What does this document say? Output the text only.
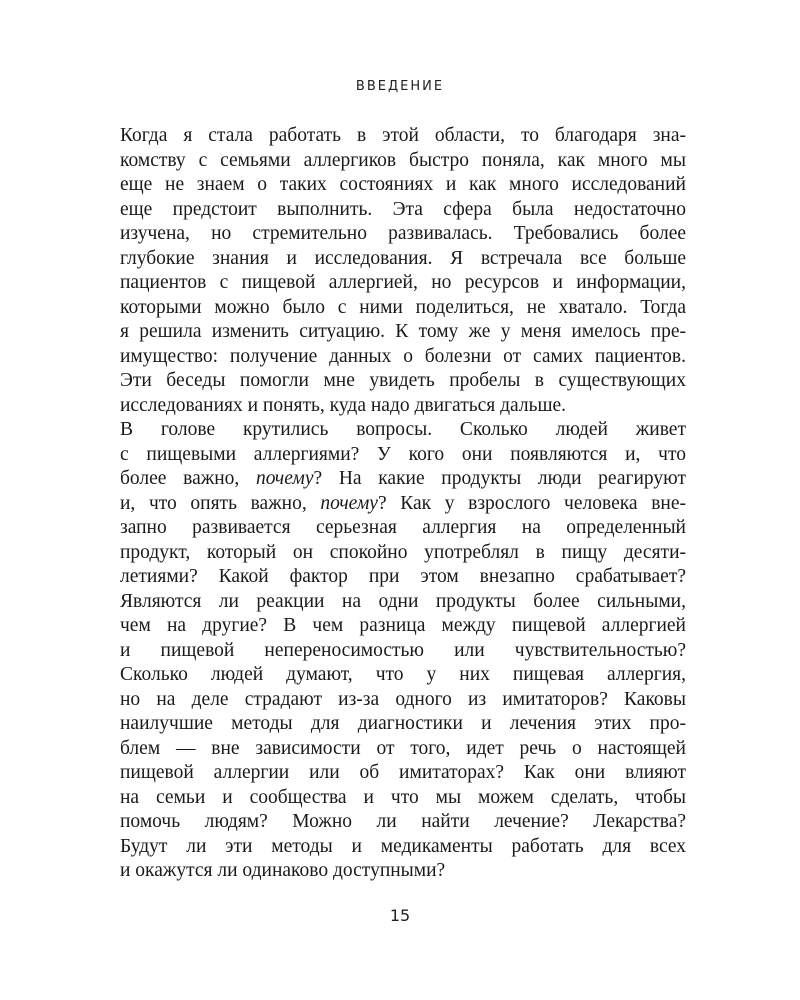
ВВЕДЕНИЕ
Когда я стала работать в этой области, то благодаря зна-
комству с семьями аллергиков быстро поняла, как много мы
еще не знаем о таких состояниях и как много исследований
еще предстоит выполнить. Эта сфера была недостаточно
изучена, но стремительно развивалась. Требовались более
глубокие знания и исследования. Я встречала все больше
пациентов с пищевой аллергией, но ресурсов и информации,
которыми можно было с ними поделиться, не хватало. Тогда
я решила изменить ситуацию. К тому же у меня имелось пре-
имущество: получение данных о болезни от самих пациентов.
Эти беседы помогли мне увидеть пробелы в существующих
исследованиях и понять, куда надо двигаться дальше.
В голове крутились вопросы. Сколько людей живет
с пищевыми аллергиями? У кого они появляются и, что
более важно, почему? На какие продукты люди реагируют
и, что опять важно, почему? Как у взрослого человека вне-
запно развивается серьезная аллергия на определенный
продукт, который он спокойно употреблял в пищу десяти-
летиями? Какой фактор при этом внезапно срабатывает?
Являются ли реакции на одни продукты более сильными,
чем на другие? В чем разница между пищевой аллергией
и пищевой непереносимостью или чувствительностью?
Сколько людей думают, что у них пищевая аллергия,
но на деле страдают из-за одного из имитаторов? Каковы
наилучшие методы для диагностики и лечения этих про-
блем — вне зависимости от того, идет речь о настоящей
пищевой аллергии или об имитаторах? Как они влияют
на семьи и сообщества и что мы можем сделать, чтобы
помочь людям? Можно ли найти лечение? Лекарства?
Будут ли эти методы и медикаменты работать для всех
и окажутся ли одинаково доступными?
15
